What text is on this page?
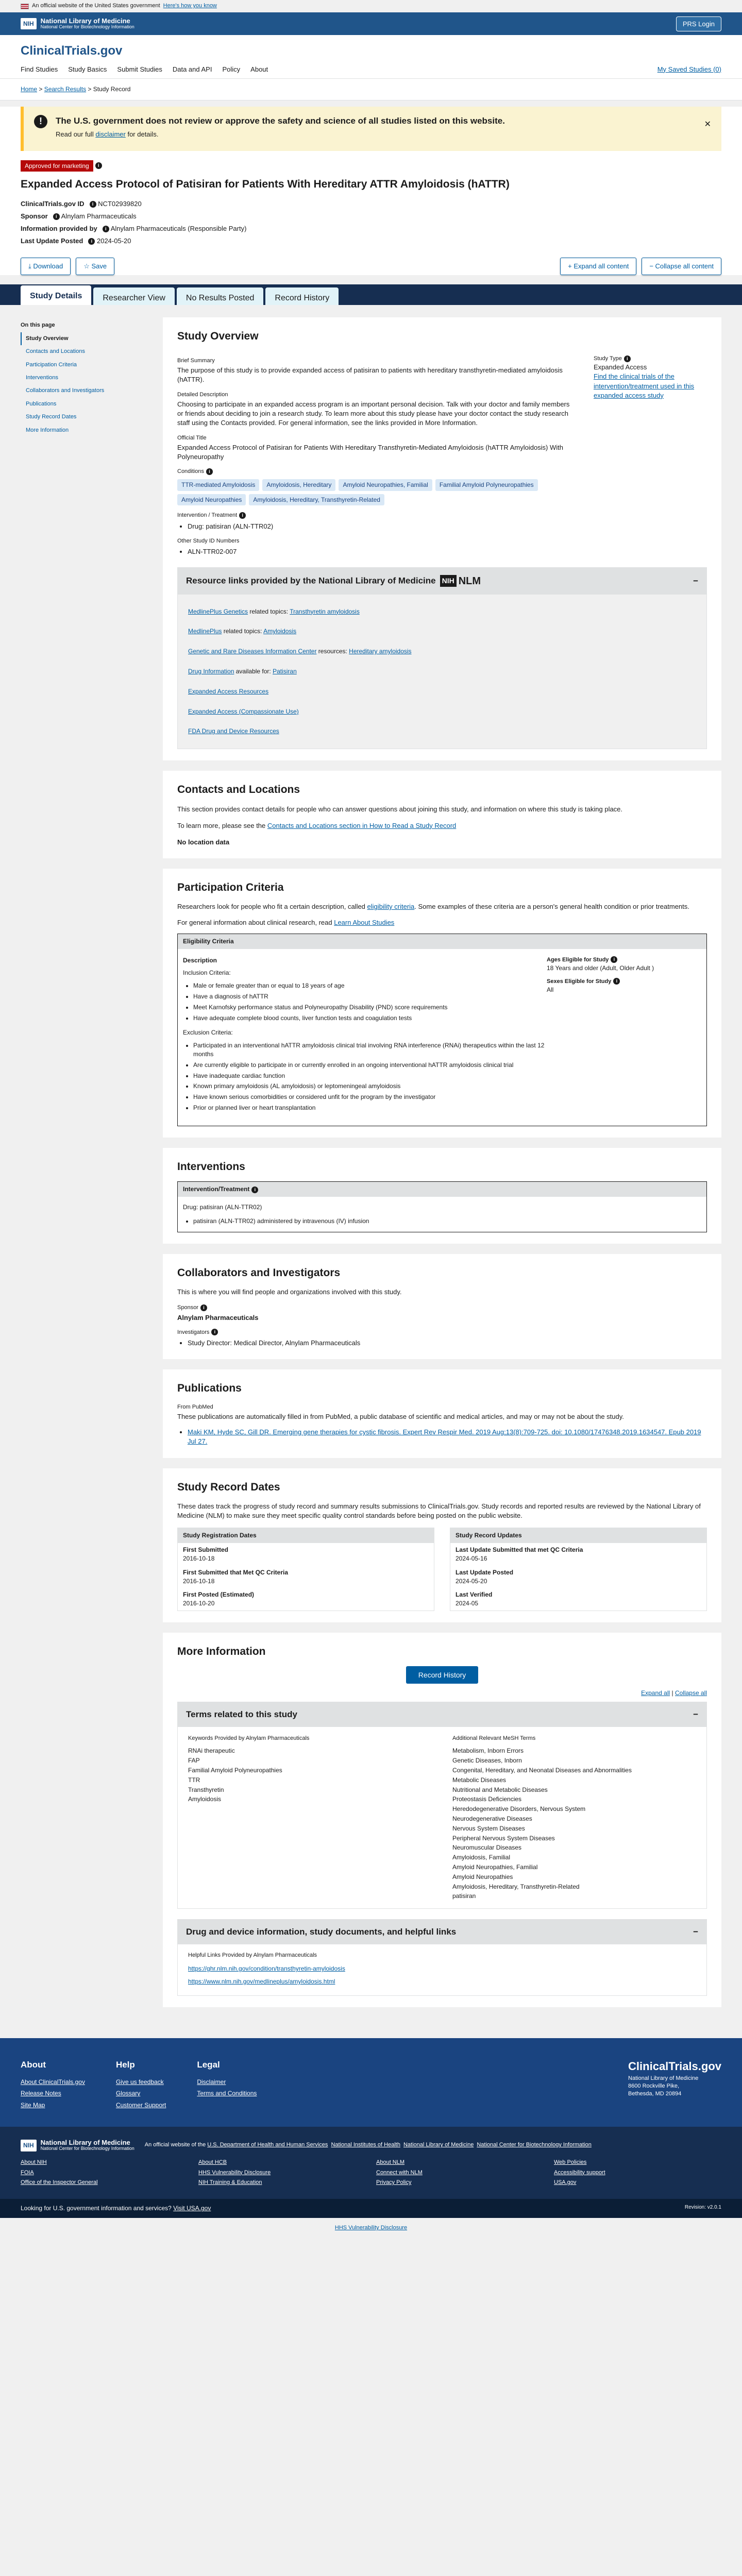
An official website of the United States government Here's how you know
NIH	National Library of Medicine
National Center for Biotechnology Information	PRS Login
ClinicalTrials.gov
Find Studies Study Basics Submit Studies Data and API Policy About	My Saved Studies (0)
Home > Search Results > Study Record
!	The U.S. government does not review or approve the safety and science of all studies listed on this website.
Read our full disclaimer for details.
✕
Approved for marketing i
Expanded Access Protocol of Patisiran for Patients With Hereditary ATTR Amyloidosis (hATTR)
ClinicalTrials.gov ID i NCT02939820
Sponsor i Alnylam Pharmaceuticals
Information provided by i Alnylam Pharmaceuticals (Responsible Party)
Last Update Posted i 2024-05-20
⤓ Download	☆ Save	+ Expand all content	− Collapse all content
Study Details	Researcher View	No Results Posted	Record History
On this page
Study Overview
Contacts and Locations
Participation Criteria
Interventions
Collaborators and Investigators
Publications
Study Record Dates
More Information
Study Overview
Brief Summary
The purpose of this study is to provide expanded access of patisiran to patients with hereditary transthyretin-mediated amyloidosis (hATTR).
Detailed Description
Choosing to participate in an expanded access program is an important personal decision. Talk with your doctor and family members or friends about deciding to join a research study. To learn more about this study please have your doctor contact the study research staff using the Contacts provided. For general information, see the links provided in More Information.
Official Title
Expanded Access Protocol of Patisiran for Patients With Hereditary Transthyretin-Mediated Amyloidosis (hATTR Amyloidosis) With Polyneuropathy
Conditions i
TTR-mediated Amyloidosis	Amyloidosis, Hereditary	Amyloid Neuropathies, Familial	Familial Amyloid Polyneuropathies
Amyloid Neuropathies	Amyloidosis, Hereditary, Transthyretin-Related
Intervention / Treatment i
• Drug: patisiran (ALN-TTR02)
Other Study ID Numbers
• ALN-TTR02-007
Study Type i
Expanded Access
Find the clinical trials of the intervention/treatment used in this expanded access study
Resource links provided by the National Library of Medicine NIH NLM	−
MedlinePlus Genetics related topics: Transthyretin amyloidosis
MedlinePlus related topics: Amyloidosis
Genetic and Rare Diseases Information Center resources: Hereditary amyloidosis
Drug Information available for: Patisiran
Expanded Access Resources
Expanded Access (Compassionate Use)
FDA Drug and Device Resources
Contacts and Locations
This section provides contact details for people who can answer questions about joining this study, and information on where this study is taking place.
To learn more, please see the Contacts and Locations section in How to Read a Study Record
No location data
Participation Criteria
Researchers look for people who fit a certain description, called eligibility criteria. Some examples of these criteria are a person's general health condition or prior treatments.
For general information about clinical research, read Learn About Studies
Eligibility Criteria
Description
Inclusion Criteria:
• Male or female greater than or equal to 18 years of age
• Have a diagnosis of hATTR
• Meet Karnofsky performance status and Polyneuropathy Disability (PND) score requirements
• Have adequate complete blood counts, liver function tests and coagulation tests
Exclusion Criteria:
• Participated in an interventional hATTR amyloidosis clinical trial involving RNA interference (RNAi) therapeutics within the last 12 months
• Are currently eligible to participate in or currently enrolled in an ongoing interventional hATTR amyloidosis clinical trial
• Have inadequate cardiac function
• Known primary amyloidosis (AL amyloidosis) or leptomeningeal amyloidosis
• Have known serious comorbidities or considered unfit for the program by the investigator
• Prior or planned liver or heart transplantation
Ages Eligible for Study i
18 Years and older (Adult, Older Adult )
Sexes Eligible for Study i
All
Interventions
Intervention/Treatment i
Drug: patisiran (ALN-TTR02)
• patisiran (ALN-TTR02) administered by intravenous (IV) infusion
Collaborators and Investigators
This is where you will find people and organizations involved with this study.
Sponsor i
Alnylam Pharmaceuticals
Investigators i
• Study Director: Medical Director, Alnylam Pharmaceuticals
Publications
From PubMed
These publications are automatically filled in from PubMed, a public database of scientific and medical articles, and may or may not be about the study.
• Maki KM, Hyde SC, Gill DR. Emerging gene therapies for cystic fibrosis. Expert Rev Respir Med. 2019 Aug;13(8):709-725. doi: 10.1080/17476348.2019.1634547. Epub 2019 Jul 27.
Study Record Dates
These dates track the progress of study record and summary results submissions to ClinicalTrials.gov. Study records and reported results are reviewed by the National Library of Medicine (NLM) to make sure they meet specific quality control standards before being posted on the public website.
Study Registration Dates
First Submitted
2016-10-18
First Submitted that Met QC Criteria
2016-10-18
First Posted (Estimated)
2016-10-20
Study Record Updates
Last Update Submitted that met QC Criteria
2024-05-16
Last Update Posted
2024-05-20
Last Verified
2024-05
More Information
Record History
Expand all | Collapse all
Terms related to this study	−
Keywords Provided by Alnylam Pharmaceuticals
RNAi therapeutic
FAP
Familial Amyloid Polyneuropathies
TTR
Transthyretin
Amyloidosis
Additional Relevant MeSH Terms
Metabolism, Inborn Errors
Genetic Diseases, Inborn
Congenital, Hereditary, and Neonatal Diseases and Abnormalities
Metabolic Diseases
Nutritional and Metabolic Diseases
Proteostasis Deficiencies
Heredodegenerative Disorders, Nervous System
Neurodegenerative Diseases
Nervous System Diseases
Peripheral Nervous System Diseases
Neuromuscular Diseases
Amyloidosis, Familial
Amyloid Neuropathies, Familial
Amyloid Neuropathies
Amyloidosis, Hereditary, Transthyretin-Related
patisiran
Drug and device information, study documents, and helpful links	−
Helpful Links Provided by Alnylam Pharmaceuticals
https://ghr.nlm.nih.gov/condition/transthyretin-amyloidosis
https://www.nlm.nih.gov/medlineplus/amyloidosis.html
About
About ClinicalTrials.gov
Release Notes
Site Map
Help
Give us feedback
Glossary
Customer Support
Legal
Disclaimer
Terms and Conditions
ClinicalTrials.gov
National Library of Medicine 8600 Rockville Pike, Bethesda, MD 20894
NIH	National Library of Medicine
National Center for Biotechnology Information
An official website of the U.S. Department of Health and Human Services National Institutes of Health National Library of Medicine National Center for Biotechnology Information
About NIH	About HCB	About NLM	Web Policies
FOIA	HHS Vulnerability Disclosure	Connect with NLM	Accessibility support
Office of the Inspector General	NIH Training & Education	Privacy Policy	USA.gov
Looking for U.S. government information and services? Visit USA.gov	Revision: v2.0.1
HHS Vulnerability Disclosure
